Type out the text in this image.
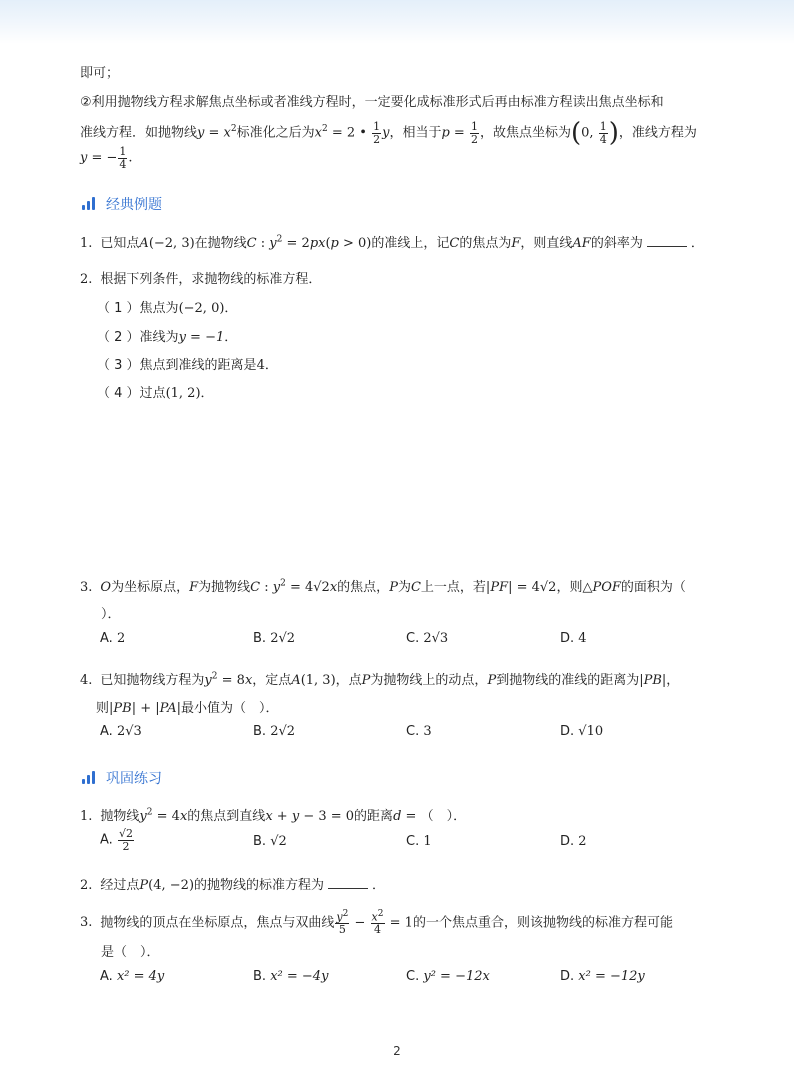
即可；
②利用抛物线方程求解焦点坐标或者准线方程时，一定要化成标准形式后再由标准方程读出焦点坐标和
准线方程．如抛物线$y = x^2$标准化之后为$x^2 = 2$ • $\frac{1}{2}$ y，相当于$p = \frac{1}{2}$ ，故焦点坐标为(0, $\frac{1}{4}$ )，准线方程为
y = − $\frac{1}{4}$ .
经典例题
1. 已知点A(−2, 3)在抛物线C : $y^2 = 2px(p > 0)$的准线上，记C的焦点为F，则直线AF的斜率为	．
2. 根据下列条件，求抛物线的标准方程．
（ 1 ）焦点为(−2, 0)．
（ 2 ）准线为y = −1．
（ 3 ）焦点到准线的距离是4．
（ 4 ）过点(1, 2)．
3. O为坐标原点，F为抛物线C : $y^2 = 4√2x$的焦点，P为C上一点，若|PF| = 4√2，则△POF的面积为（
）．
A. 2	B. 2√2	C. 2√3	D. 4
4. 已知抛物线方程为$y^2 = 8x$，定点A(1, 3)，点P为抛物线上的动点，P到抛物线的准线的距离为|PB|，
则|PB| + |PA|最小值为（　）．
A. 2√3	B. 2√2	C. 3	D. √10
巩固练习
1. 抛物线$y^2 = 4x$的焦点到直线x + y − 3 = 0的距离d = （　）．
A. $\frac{√2}{2}$	B. √2	C. 1	D. 2
2. 经过点P(4, −2)的抛物线的标准方程为	．
3. 抛物线的顶点在坐标原点，焦点与双曲线 $\frac{y^2}{5} - \frac{x^2}{4} = 1$的一个焦点重合，则该抛物线的标准方程可能
是（　）．
A. x² = 4y	B. x² = −4y	C. y² = −12x	D. x² = −12y
2
